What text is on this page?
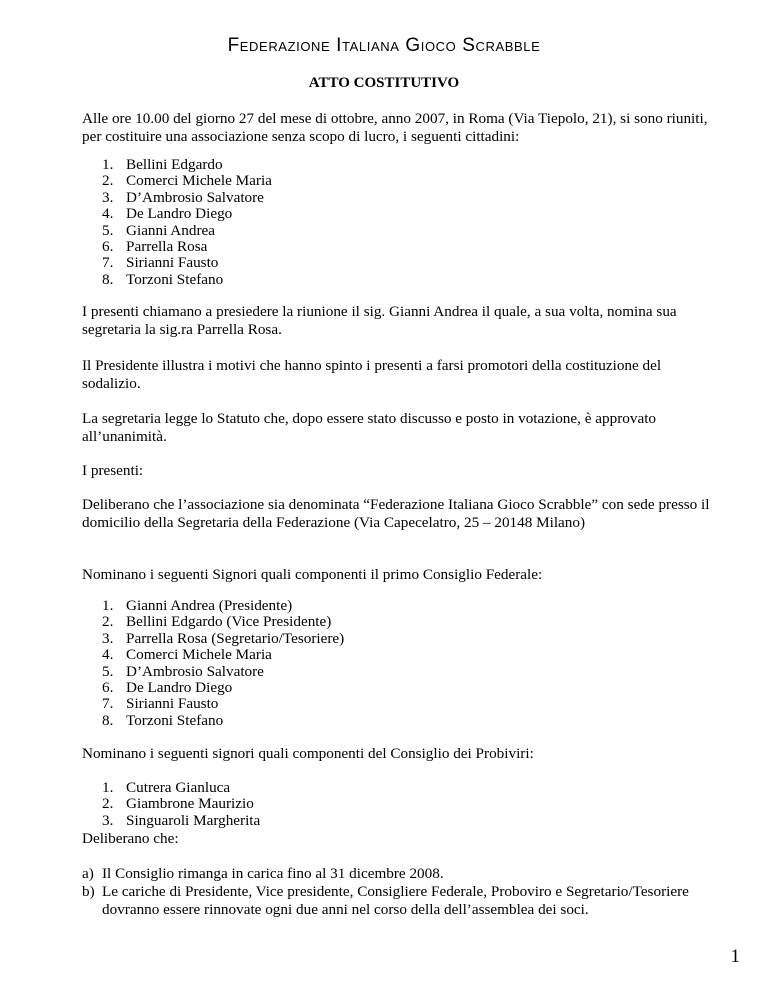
Federazione Italiana Gioco Scrabble
ATTO COSTITUTIVO

Alle ore 10.00 del giorno 27 del mese di ottobre, anno 2007, in Roma (Via Tiepolo, 21), si sono riuniti, per costituire una associazione senza scopo di lucro, i seguenti cittadini:

1. Bellini Edgardo
2. Comerci Michele Maria
3. D’Ambrosio Salvatore
4. De Landro Diego
5. Gianni Andrea
6. Parrella Rosa
7. Sirianni Fausto
8. Torzoni Stefano

I presenti chiamano a presiedere la riunione il sig. Gianni Andrea il quale, a sua volta, nomina sua segretaria la sig.ra Parrella Rosa.

Il Presidente illustra i motivi che hanno spinto i presenti a farsi promotori della costituzione del sodalizio.

La segretaria legge lo Statuto che, dopo essere stato discusso e posto in votazione, è approvato all’unanimità.

I presenti:

Deliberano che l’associazione sia denominata “Federazione Italiana Gioco Scrabble” con sede presso il domicilio della Segretaria della Federazione (Via Capecelatro, 25 – 20148 Milano)

Nominano i seguenti Signori quali componenti il primo Consiglio Federale:

1. Gianni Andrea (Presidente)
2. Bellini Edgardo (Vice Presidente)
3. Parrella Rosa (Segretario/Tesoriere)
4. Comerci Michele Maria
5. D’Ambrosio Salvatore
6. De Landro Diego
7. Sirianni Fausto
8. Torzoni Stefano

Nominano i seguenti signori quali componenti del Consiglio dei Probiviri:

1. Cutrera Gianluca
2. Giambrone Maurizio
3. Singuaroli Margherita

Deliberano che:

a) Il Consiglio rimanga in carica fino al 31 dicembre 2008.
b) Le cariche di Presidente, Vice presidente, Consigliere Federale, Proboviro e Segretario/Tesoriere dovranno essere rinnovate ogni due anni nel corso della dell’assemblea dei soci.
1
